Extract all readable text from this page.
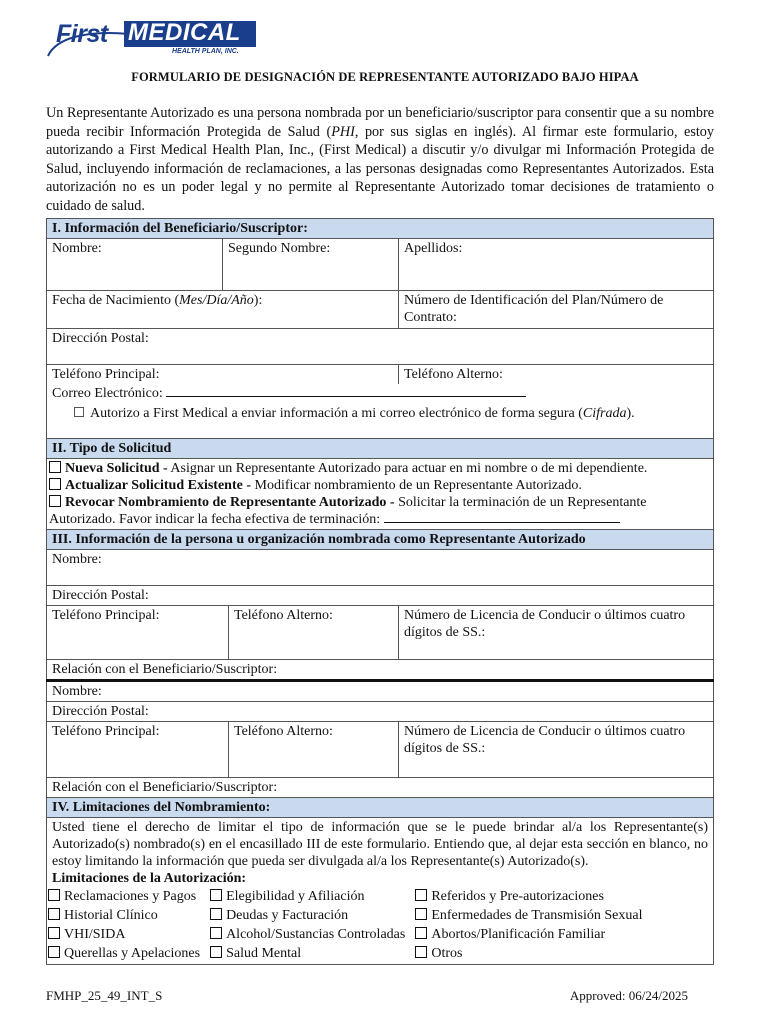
First MEDICAL
HEALTH PLAN, INC.
FORMULARIO DE DESIGNACIÓN DE REPRESENTANTE AUTORIZADO BAJO HIPAA
Un Representante Autorizado es una persona nombrada por un beneficiario/suscriptor para consentir que a su nombre pueda recibir Información Protegida de Salud (PHI, por sus siglas en inglés). Al firmar este formulario, estoy autorizando a First Medical Health Plan, Inc., (First Medical) a discutir y/o divulgar mi Información Protegida de Salud, incluyendo información de reclamaciones, a las personas designadas como Representantes Autorizados. Esta autorización no es un poder legal y no permite al Representante Autorizado tomar decisiones de tratamiento o cuidado de salud.
I. Información del Beneficiario/Suscriptor:
Nombre:	Segundo Nombre:	Apellidos:
Fecha de Nacimiento (Mes/Día/Año):	Número de Identificación del Plan/Número de Contrato:
Dirección Postal:
Teléfono Principal:	Teléfono Alterno:

Correo Electrónico:
Autorizo a First Medical a enviar información a mi correo electrónico de forma segura (Cifrada).

II. Tipo de Solicitud

Nueva Solicitud - Asignar un Representante Autorizado para actuar en mi nombre o de mi dependiente.
Actualizar Solicitud Existente - Modificar nombramiento de un Representante Autorizado.
Revocar Nombramiento de Representante Autorizado - Solicitar la terminación de un Representante Autorizado. Favor indicar la fecha efectiva de terminación:

III. Información de la persona u organización nombrada como Representante Autorizado
Nombre:
Dirección Postal:
Teléfono Principal:	Teléfono Alterno:	Número de Licencia de Conducir o últimos cuatro dígitos de SS.:
Relación con el Beneficiario/Suscriptor:
Nombre:
Dirección Postal:
Teléfono Principal:	Teléfono Alterno:	Número de Licencia de Conducir o últimos cuatro dígitos de SS.:
Relación con el Beneficiario/Suscriptor:
IV. Limitaciones del Nombramiento:

Usted tiene el derecho de limitar el tipo de información que se le puede brindar al/a los Representante(s) Autorizado(s) nombrado(s) en el encasillado III de este formulario. Entiendo que, al dejar esta sección en blanco, no estoy limitando la información que pueda ser divulgada al/a los Representante(s) Autorizado(s).
Limitaciones de la Autorización:
Reclamaciones y Pagos	Elegibilidad y Afiliación	Referidos y Pre-autorizaciones
Historial Clínico	Deudas y Facturación	Enfermedades de Transmisión Sexual
VHI/SIDA	Alcohol/Sustancias Controladas	Abortos/Planificación Familiar
Querellas y Apelaciones	Salud Mental	Otros
FMHP_25_49_INT_S	Approved: 06/24/2025
